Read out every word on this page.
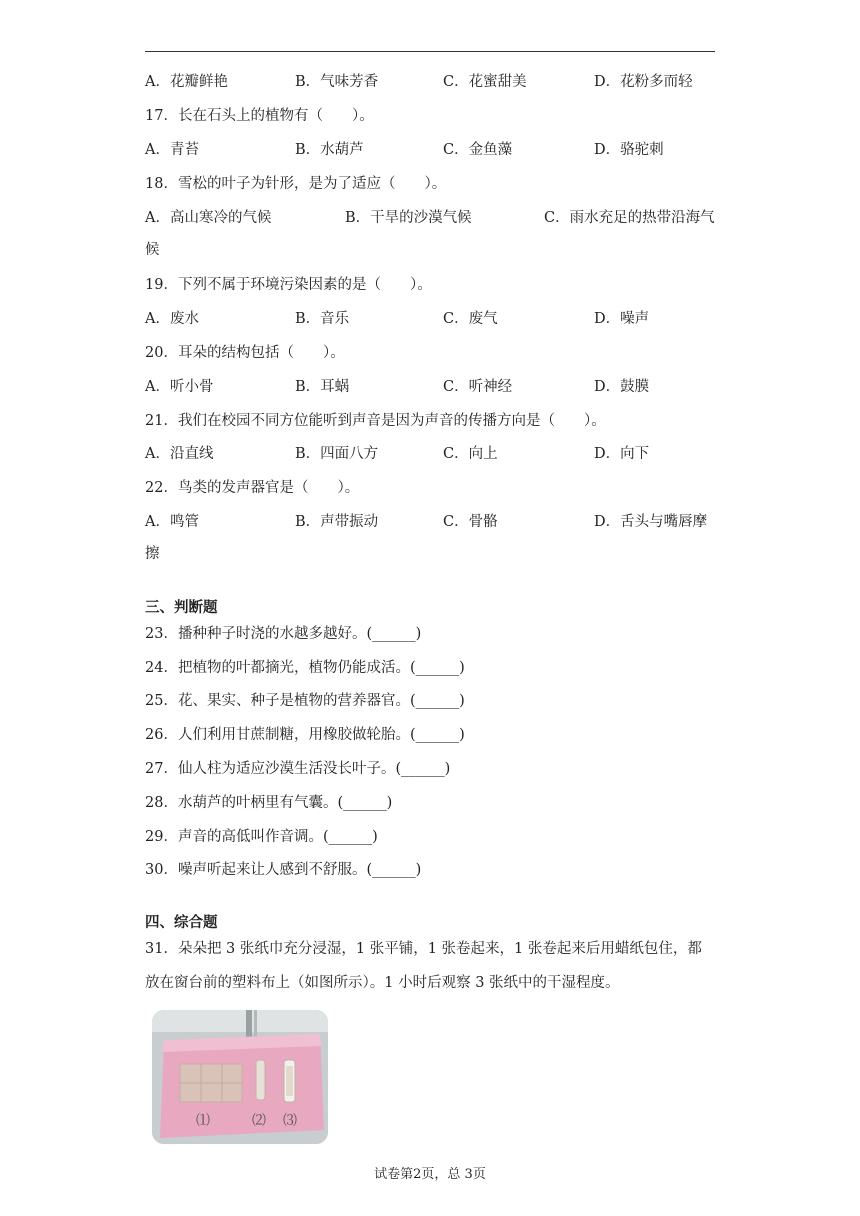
A．花瓣鲜艳	B．气味芳香	C．花蜜甜美	D．花粉多而轻
17．长在石头上的植物有（　　）。
A．青苔	B．水葫芦	C．金鱼藻	D．骆驼刺
18．雪松的叶子为针形，是为了适应（　　）。
A．高山寒冷的气候	B．干旱的沙漠气候	C．雨水充足的热带沿海气
候
19．下列不属于环境污染因素的是（　　）。
A．废水	B．音乐	C．废气	D．噪声
20．耳朵的结构包括（　　）。
A．听小骨	B．耳蜗	C．听神经	D．鼓膜
21．我们在校园不同方位能听到声音是因为声音的传播方向是（　　）。
A．沿直线	B．四面八方	C．向上	D．向下
22．鸟类的发声器官是（　　）。
A．鸣管	B．声带振动	C．骨骼	D．舌头与嘴唇摩
擦
三、判断题
23．播种种子时浇的水越多越好。(______)
24．把植物的叶都摘光，植物仍能成活。(______)
25．花、果实、种子是植物的营养器官。(______)
26．人们利用甘蔗制糖，用橡胶做轮胎。(______)
27．仙人柱为适应沙漠生活没长叶子。(______)
28．水葫芦的叶柄里有气囊。(______)
29．声音的高低叫作音调。(______)
30．噪声听起来让人感到不舒服。(______)
四、综合题
31．朵朵把 3 张纸巾充分浸湿，1 张平铺，1 张卷起来，1 张卷起来后用蜡纸包住，都
放在窗台前的塑料布上（如图所示）。1 小时后观察 3 张纸中的干湿程度。
⑴	⑵ ⑶
试卷第2页，总 3页
